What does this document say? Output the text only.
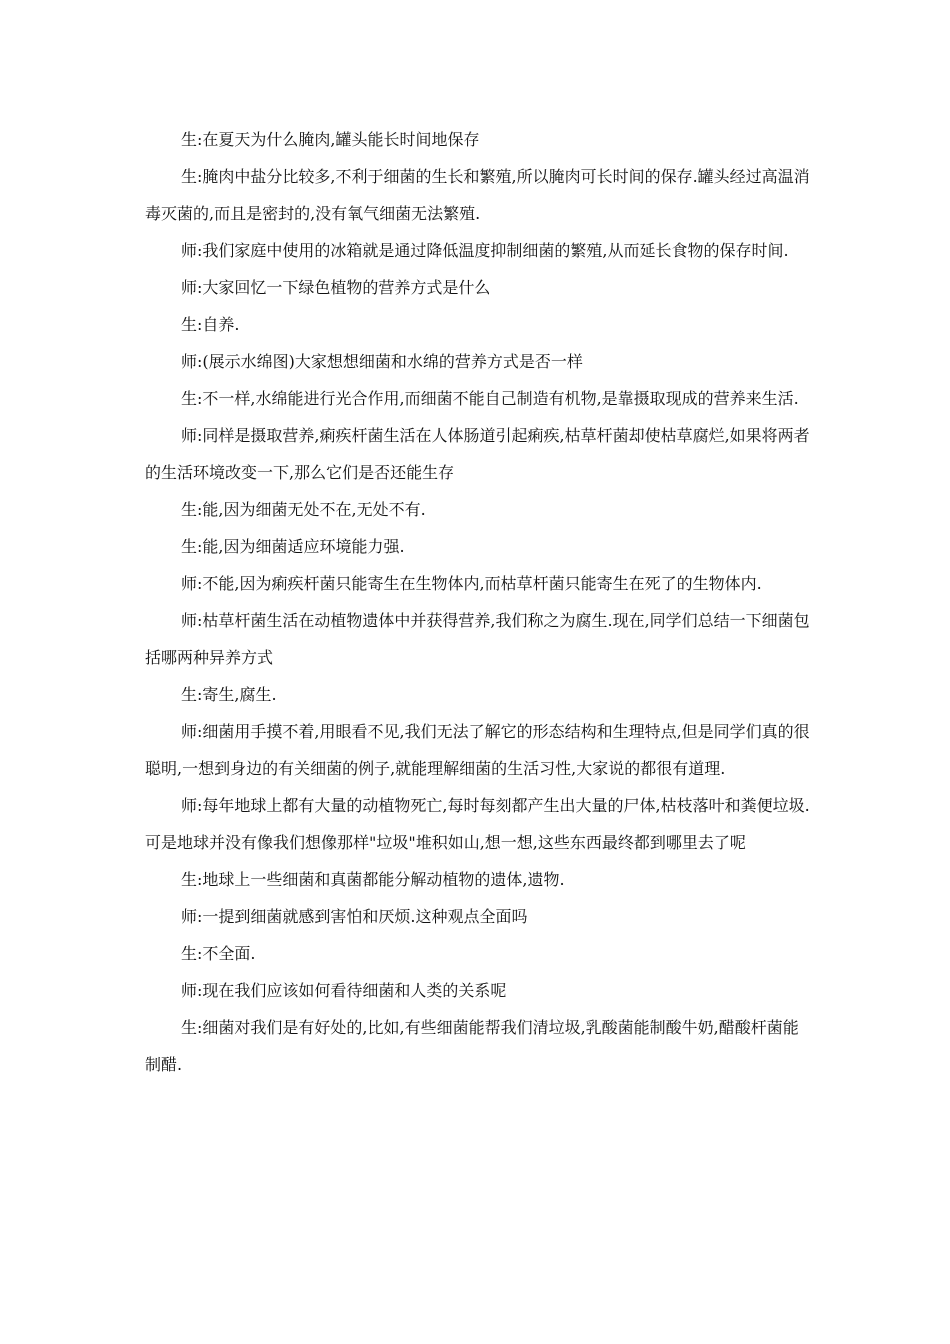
生:在夏天为什么腌肉,罐头能长时间地保存

生:腌肉中盐分比较多,不利于细菌的生长和繁殖,所以腌肉可长时间的保存.罐头经过高温消毒灭菌的,而且是密封的,没有氧气细菌无法繁殖.

师:我们家庭中使用的冰箱就是通过降低温度抑制细菌的繁殖,从而延长食物的保存时间.

师:大家回忆一下绿色植物的营养方式是什么

生:自养.

师:(展示水绵图)大家想想细菌和水绵的营养方式是否一样

生:不一样,水绵能进行光合作用,而细菌不能自己制造有机物,是靠摄取现成的营养来生活.

师:同样是摄取营养,痢疾杆菌生活在人体肠道引起痢疾,枯草杆菌却使枯草腐烂,如果将两者的生活环境改变一下,那么它们是否还能生存

生:能,因为细菌无处不在,无处不有.

生:能,因为细菌适应环境能力强.

师:不能,因为痢疾杆菌只能寄生在生物体内,而枯草杆菌只能寄生在死了的生物体内.

师:枯草杆菌生活在动植物遗体中并获得营养,我们称之为腐生.现在,同学们总结一下细菌包括哪两种异养方式

生:寄生,腐生.

师:细菌用手摸不着,用眼看不见,我们无法了解它的形态结构和生理特点,但是同学们真的很聪明,一想到身边的有关细菌的例子,就能理解细菌的生活习性,大家说的都很有道理.

师:每年地球上都有大量的动植物死亡,每时每刻都产生出大量的尸体,枯枝落叶和粪便垃圾.可是地球并没有像我们想像那样"垃圾"堆积如山,想一想,这些东西最终都到哪里去了呢

生:地球上一些细菌和真菌都能分解动植物的遗体,遗物.

师:一提到细菌就感到害怕和厌烦.这种观点全面吗

生:不全面.

师:现在我们应该如何看待细菌和人类的关系呢

生:细菌对我们是有好处的,比如,有些细菌能帮我们清垃圾,乳酸菌能制酸牛奶,醋酸杆菌能制醋.
